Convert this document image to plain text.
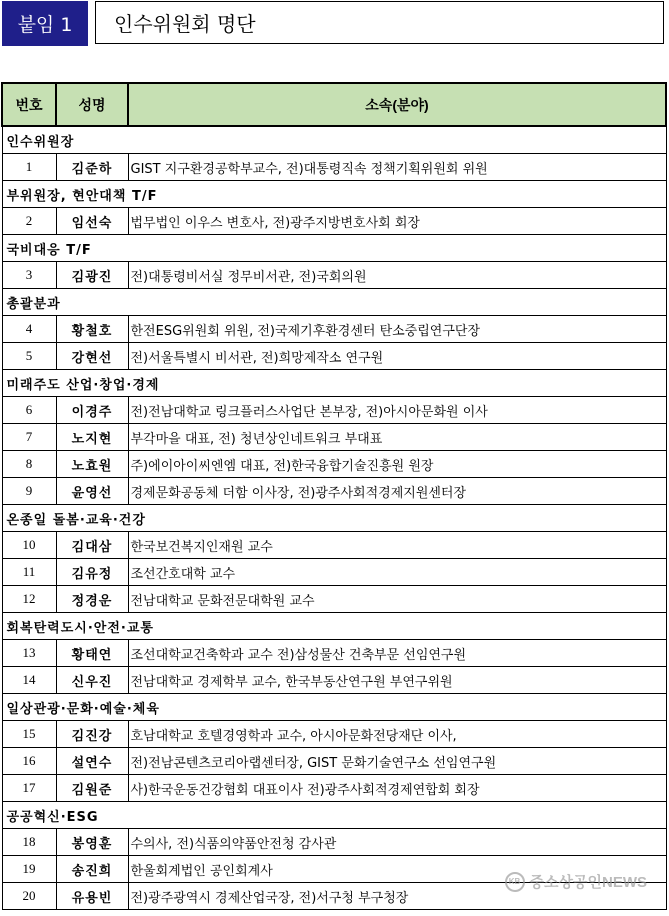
붙임 1	인수위원회 명단
번호	성명	소속(분야)
인수위원장		
1	김준하	GIST 지구환경공학부교수, 전)대통령직속 정책기획위원회 위원
부위원장, 현안대책 T/F		
2	임선숙	법무법인 이우스 변호사, 전)광주지방변호사회 회장
국비대응 T/F		
3	김광진	전)대통령비서실 정무비서관, 전)국회의원
총괄분과		
4	황철호	한전ESG위원회 위원, 전)국제기후환경센터 탄소중립연구단장
5	강현선	전)서울특별시 비서관, 전)희망제작소 연구원
미래주도 산업·창업·경제		
6	이경주	전)전남대학교 링크플러스사업단 본부장, 전)아시아문화원 이사
7	노지현	부각마을 대표, 전) 청년상인네트워크 부대표
8	노효원	주)에이아이씨엔엠 대표, 전)한국융합기술진흥원 원장
9	윤영선	경제문화공동체 더함 이사장, 전)광주사회적경제지원센터장
온종일 돌봄·교육·건강		
10	김대삼	한국보건복지인재원 교수
11	김유정	조선간호대학 교수
12	정경운	전남대학교 문화전문대학원 교수
회복탄력도시·안전·교통		
13	황태연	조선대학교건축학과 교수 전)삼성물산 건축부문 선임연구원
14	신우진	전남대학교 경제학부 교수, 한국부동산연구원 부연구위원
일상관광·문화·예술·체육		
15	김진강	호남대학교 호텔경영학과 교수, 아시아문화전당재단 이사,
16	설연수	전)전남콘텐츠코리아랩센터장, GIST 문화기술연구소 선임연구원
17	김원준	사)한국운동건강협회 대표이사 전)광주사회적경제연합회 회장
공공혁신·ESG		
18	봉영훈	수의사, 전)식품의약품안전청 감사관
19	송진희	한울회계법인 공인회계사
20	유용빈	전)광주광역시 경제산업국장, 전)서구청 부구청장
KB 중소상공인NEWS
